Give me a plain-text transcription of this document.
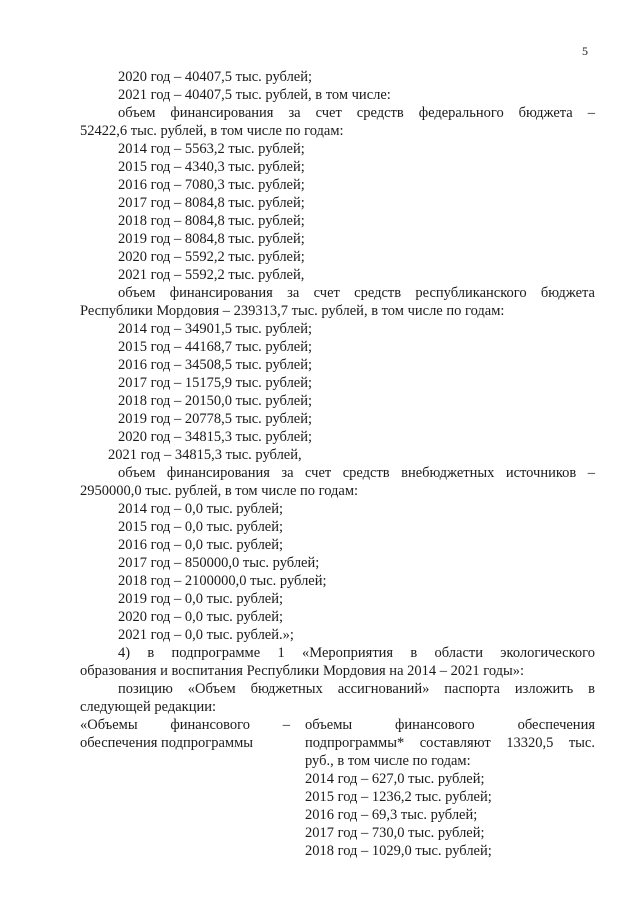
5
2020 год – 40407,5 тыс. рублей;
2021 год – 40407,5 тыс. рублей, в том числе:
объем финансирования за счет средств федерального бюджета –
52422,6 тыс. рублей, в том числе по годам:
2014 год – 5563,2 тыс. рублей;
2015 год – 4340,3 тыс. рублей;
2016 год – 7080,3 тыс. рублей;
2017 год – 8084,8 тыс. рублей;
2018 год – 8084,8 тыс. рублей;
2019 год – 8084,8 тыс. рублей;
2020 год – 5592,2 тыс. рублей;
2021 год – 5592,2 тыс. рублей,
объем финансирования за счет средств республиканского бюджета
Республики Мордовия – 239313,7 тыс. рублей, в том числе по годам:
2014 год – 34901,5 тыс. рублей;
2015 год – 44168,7 тыс. рублей;
2016 год – 34508,5 тыс. рублей;
2017 год – 15175,9 тыс. рублей;
2018 год – 20150,0 тыс. рублей;
2019 год – 20778,5 тыс. рублей;
2020 год – 34815,3 тыс. рублей;
2021 год – 34815,3 тыс. рублей,
объем финансирования за счет средств внебюджетных источников –
2950000,0 тыс. рублей, в том числе по годам:
2014 год – 0,0 тыс. рублей;
2015 год – 0,0 тыс. рублей;
2016 год – 0,0 тыс. рублей;
2017 год – 850000,0 тыс. рублей;
2018 год – 2100000,0 тыс. рублей;
2019 год – 0,0 тыс. рублей;
2020 год – 0,0 тыс. рублей;
2021 год – 0,0 тыс. рублей.»;
4) в подпрограмме 1 «Мероприятия в области экологического
образования и воспитания Республики Мордовия на 2014 – 2021 годы»:
позицию «Объем бюджетных ассигнований» паспорта изложить в
следующей редакции:
«Объемы финансового –
обеспечения подпрограммы
объемы финансового обеспечения
подпрограммы* составляют 13320,5 тыс.
руб., в том числе по годам:
2014 год – 627,0 тыс. рублей;
2015 год – 1236,2 тыс. рублей;
2016 год – 69,3 тыс. рублей;
2017 год – 730,0 тыс. рублей;
2018 год – 1029,0 тыс. рублей;
